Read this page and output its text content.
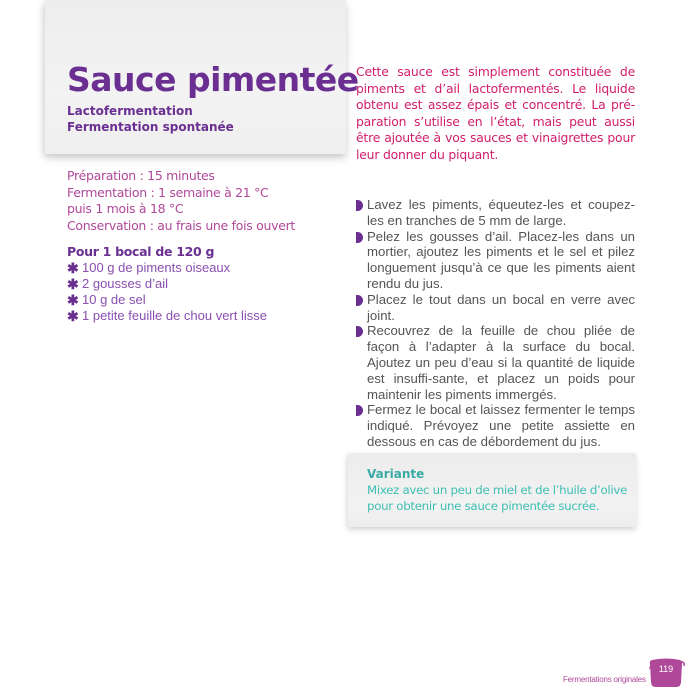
Sauce pimentée
Lactofermentation
Fermentation spontanée
Préparation : 15 minutes
Fermentation : 1 semaine à 21 °C
puis 1 mois à 18 °C
Conservation : au frais une fois ouvert
Pour 1 bocal de 120 g
✱ 100 g de piments oiseaux
✱ 2 gousses d’ail
✱ 10 g de sel
✱ 1 petite feuille de chou vert lisse

Cette sauce est simplement constituée de piments et d’ail lactofermentés. Le liquide obtenu est assez épais et concentré. La pré-paration s’utilise en l’état, mais peut aussi être ajoutée à vos sauces et vinaigrettes pour leur donner du piquant.

Lavez les piments, équeutez-les et coupez-les en tranches de 5 mm de large.
Pelez les gousses d’ail. Placez-les dans un mortier, ajoutez les piments et le sel et pilez longuement jusqu’à ce que les piments aient rendu du jus.
Placez le tout dans un bocal en verre avec joint.
Recouvrez de la feuille de chou pliée de façon à l’adapter à la surface du bocal. Ajoutez un peu d’eau si la quantité de liquide est insuffi-sante, et placez un poids pour maintenir les piments immergés.
Fermez le bocal et laissez fermenter le temps indiqué. Prévoyez une petite assiette en dessous en cas de débordement du jus.
Variante
Mixez avec un peu de miel et de l’huile d’olive
pour obtenir une sauce pimentée sucrée.
Fermentations originales
119
